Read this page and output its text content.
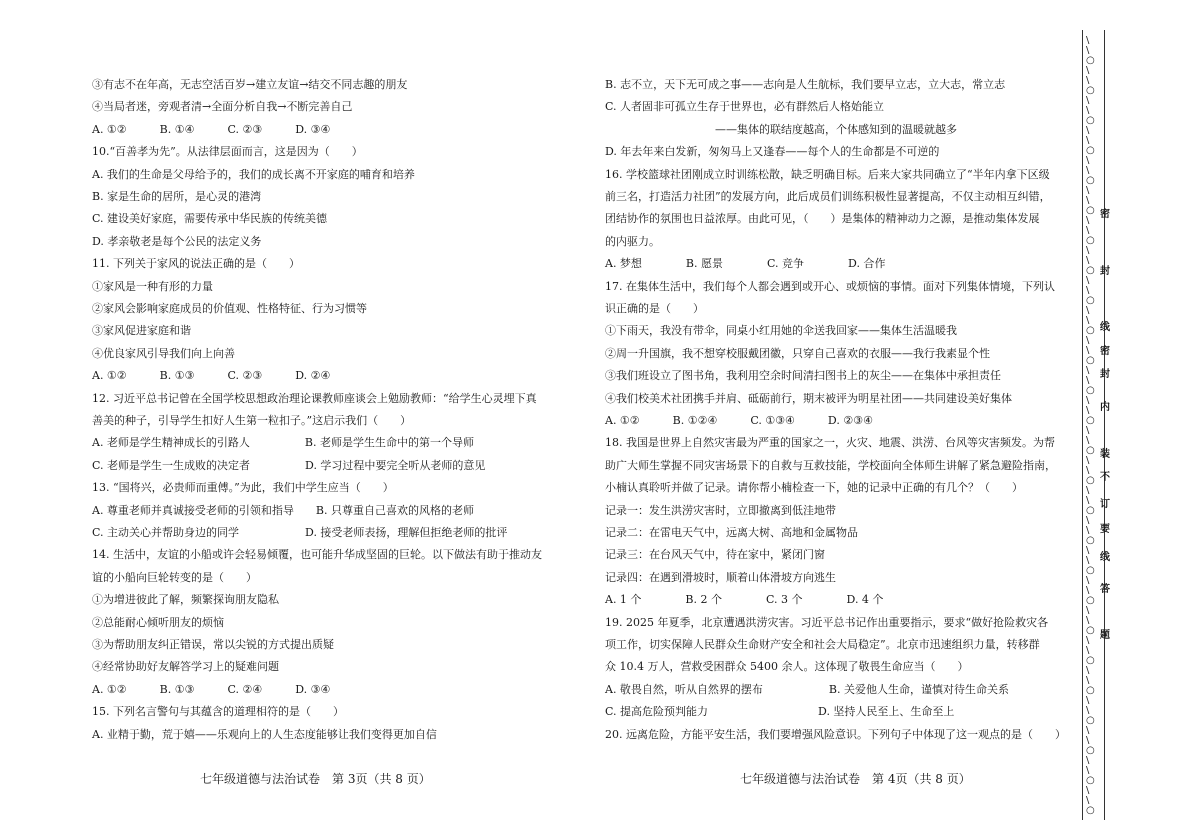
③有志不在年高，无志空活百岁→建立友谊→结交不同志趣的朋友
④当局者迷，旁观者清→全面分析自我→不断完善自己
A. ①②　　　B. ①④　　　C. ②③　　　D. ③④
10.“百善孝为先”。从法律层面而言，这是因为（　　）
A. 我们的生命是父母给予的，我们的成长离不开家庭的哺育和培养
B. 家是生命的居所，是心灵的港湾
C. 建设美好家庭，需要传承中华民族的传统美德
D. 孝亲敬老是每个公民的法定义务
11. 下列关于家风的说法正确的是（　　）
①家风是一种有形的力量
②家风会影响家庭成员的价值观、性格特征、行为习惯等
③家风促进家庭和谐
④优良家风引导我们向上向善
A. ①②　　　B. ①③　　　C. ②③　　　D. ②④
12. 习近平总书记曾在全国学校思想政治理论课教师座谈会上勉励教师：“给学生心灵埋下真
善美的种子，引导学生扣好人生第一粒扣子。”这启示我们（　　）
A. 老师是学生精神成长的引路人　　　　　B. 老师是学生生命中的第一个导师
C. 老师是学生一生成败的决定者　　　　　D. 学习过程中要完全听从老师的意见
13. “国将兴，必贵师而重傅。”为此，我们中学生应当（　　）
A. 尊重老师并真诚接受老师的引领和指导　　B. 只尊重自己喜欢的风格的老师
C. 主动关心并帮助身边的同学　　　　　　D. 接受老师表扬，理解但拒绝老师的批评
14. 生活中，友谊的小船或许会轻易倾覆，也可能升华成坚固的巨轮。以下做法有助于推动友
谊的小船向巨轮转变的是（　　）
①为增进彼此了解，频繁探询朋友隐私
②总能耐心倾听朋友的烦恼
③为帮助朋友纠正错误，常以尖锐的方式提出质疑
④经常协助好友解答学习上的疑难问题
A. ①②　　　B. ①③　　　C. ②④　　　D. ③④
15. 下列名言警句与其蕴含的道理相符的是（　　）
A. 业精于勤，荒于嬉——乐观向上的人生态度能够让我们变得更加自信
B. 志不立，天下无可成之事——志向是人生航标，我们要早立志，立大志，常立志
C. 人者固非可孤立生存于世界也，必有群然后人格始能立
　　　　　　　　　　——集体的联结度越高，个体感知到的温暖就越多
D. 年去年来白发新，匆匆马上又逢春——每个人的生命都是不可逆的
16. 学校篮球社团刚成立时训练松散，缺乏明确目标。后来大家共同确立了“半年内拿下区级
前三名，打造活力社团”的发展方向，此后成员们训练积极性显著提高，不仅主动相互纠错，
团结协作的氛围也日益浓厚。由此可见，（　　）是集体的精神动力之源，是推动集体发展
的内驱力。
A. 梦想　　　　B. 愿景　　　　C. 竞争　　　　D. 合作
17. 在集体生活中，我们每个人都会遇到或开心、或烦恼的事情。面对下列集体情境，下列认
识正确的是（　　）
①下雨天，我没有带伞，同桌小红用她的伞送我回家——集体生活温暖我
②周一升国旗，我不想穿校服戴团徽，只穿自己喜欢的衣服——我行我素显个性
③我们班设立了图书角，我利用空余时间清扫图书上的灰尘——在集体中承担责任
④我们校美术社团携手并肩、砥砺前行，期末被评为明星社团——共同建设美好集体
A. ①②　　　B. ①②④　　　C. ①③④　　　D. ②③④
18. 我国是世界上自然灾害最为严重的国家之一，火灾、地震、洪涝、台风等灾害频发。为帮
助广大师生掌握不同灾害场景下的自救与互救技能，学校面向全体师生讲解了紧急避险指南，
小楠认真聆听并做了记录。请你帮小楠检查一下，她的记录中正确的有几个？（　　）
记录一：发生洪涝灾害时，立即撤离到低洼地带
记录二：在雷电天气中，远离大树、高地和金属物品
记录三：在台风天气中，待在家中，紧闭门窗
记录四：在遇到滑坡时，顺着山体滑坡方向逃生
A. 1 个　　　　B. 2 个　　　　C. 3 个　　　　D. 4 个
19. 2025 年夏季，北京遭遇洪涝灾害。习近平总书记作出重要指示，要求“做好抢险救灾各
项工作，切实保障人民群众生命财产安全和社会大局稳定”。北京市迅速组织力量，转移群
众 10.4 万人，营救受困群众 5400 余人。这体现了敬畏生命应当（　　）
A. 敬畏自然，听从自然界的摆布　　　　　　B. 关爱他人生命，谨慎对待生命关系
C. 提高危险预判能力　　　　　　　　　　D. 坚持人民至上、生命至上
20. 远离危险，方能平安生活，我们要增强风险意识。下列句子中体现了这一观点的是（　　）
七年级道德与法治试卷　第 3页（共 8 页）	七年级道德与法治试卷　第 4页（共 8 页）
\
\
○
\
\
○
\
\
○
\
\
○
\
\
○
\
\
○
\
\
○
\
\
○
\
\
○
\
\
○
\
\
○
\
\
○
\
\
○
\
\
○
\
\
○
\
\
○
\
\
○
\
\
○
\
\
○
\
\
○
\
\
○
\
\
○
\
\
○
\
\
○
\
\
○
\
\
○

密
封
线
密
封
内
装
不
订
要
线
答
题
